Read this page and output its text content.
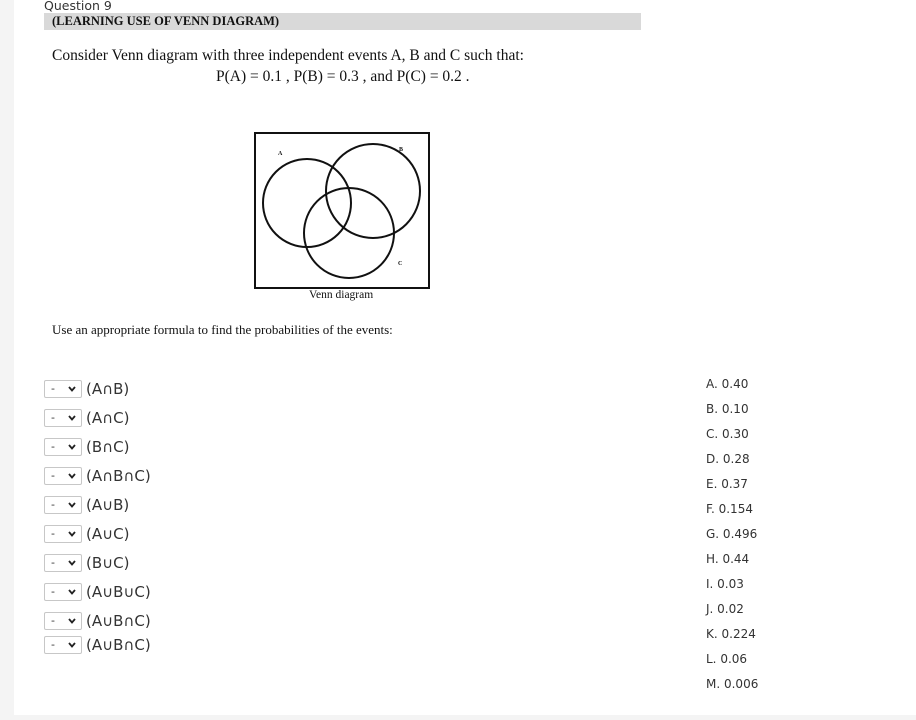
Question 9
(LEARNING USE OF VENN DIAGRAM)
Consider Venn diagram with three independent events A, B and C such that:
P(A) = 0.1 , P(B) = 0.3 , and P(C) = 0.2 .
A
B
C
Venn diagram
Use an appropriate formula to find the probabilities of the events:
- (A∩B)
- (A∩C)
- (B∩C)
- (A∩B∩C)
- (A∪B)
- (A∪C)
- (B∪C)
- (A∪B∪C)
- (A∪B∩C)
- (A∪B∩C)
A. 0.40
B. 0.10
C. 0.30
D. 0.28
E. 0.37
F. 0.154
G. 0.496
H. 0.44
I. 0.03
J. 0.02
K. 0.224
L. 0.06
M. 0.006
